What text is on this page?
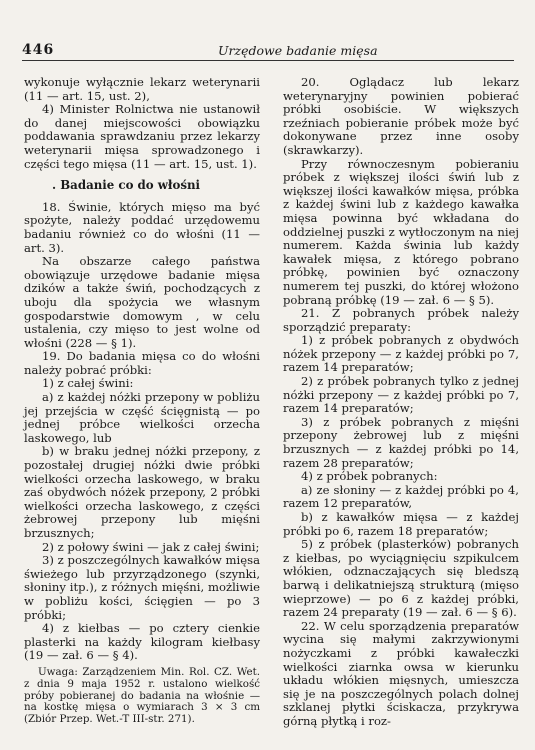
446	Urzędowe badanie mięsa

wykonuje wyłącznie lekarz weterynarii (11 — art. 15, ust. 2),

4) Minister Rolnictwa nie ustanowił do danej miejscowości obowiązku poddawania sprawdzaniu przez lekarzy weterynarii mięsa sprowadzonego i części tego mięsa (11 — art. 15, ust. 1).

. Badanie co do włośni

18. Świnie, których mięso ma być spożyte, należy poddać urzędowemu badaniu również co do włośni (11 — art. 3).

Na obszarze całego państwa obowiązuje urzędowe badanie mięsa dzików a także świń, pochodzących z uboju dla spożycia we własnym gospodarstwie domowym , w celu ustalenia, czy mięso to jest wolne od włośni (228 — § 1).

19. Do badania mięsa co do włośni należy pobrać próbki:

1) z całej świni:

a) z każdej nóżki przepony w pobliżu jej przejścia w część ścięgnistą — po jednej próbce wielkości orzecha laskowego, lub

b) w braku jednej nóżki przepony, z pozostałej drugiej nóżki dwie próbki wielkości orzecha laskowego, w braku zaś obydwóch nóżek przepony, 2 próbki wielkości orzecha laskowego, z części żebrowej przepony lub mięśni brzusznych;

2) z połowy świni — jak z całej świni;

3) z poszczególnych kawałków mięsa świeżego lub przyrządzonego (szynki, słoniny itp.), z różnych mięśni, możliwie w pobliżu kości, ścięgien — po 3 próbki;

4) z kiełbas — po cztery cienkie plasterki na każdy kilogram kiełbasy (19 — zał. 6 — § 4).

Uwaga: Zarządzeniem Min. Rol. CZ. Wet. z dnia 9 maja 1952 r. ustalono wielkość próby pobieranej do badania na włośnie — na kostkę mięsa o wymiarach 3 × 3 cm (Zbiór Przep. Wet.-T III-str. 271).

20. Oglądacz lub lekarz weterynaryjny powinien pobierać próbki osobiście. W większych rzeźniach pobieranie próbek może być dokonywane przez inne osoby (skrawkarzy).

Przy równoczesnym pobieraniu próbek z większej ilości świń lub z większej ilości kawałków mięsa, próbka z każdej świni lub z każdego kawałka mięsa powinna być wkładana do oddzielnej puszki z wytłoczonym na niej numerem. Każda świnia lub każdy kawałek mięsa, z którego pobrano próbkę, powinien być oznaczony numerem tej puszki, do której włożono pobraną próbkę (19 — zał. 6 — § 5).

21. Z pobranych próbek należy sporządzić preparaty:

1) z próbek pobranych z obydwóch nóżek przepony — z każdej próbki po 7, razem 14 preparatów;

2) z próbek pobranych tylko z jednej nóżki przepony — z każdej próbki po 7, razem 14 preparatów;

3) z próbek pobranych z mięśni przepony żebrowej lub z mięśni brzusznych — z każdej próbki po 14, razem 28 preparatów;

4) z próbek pobranych:

a) ze słoniny — z każdej próbki po 4, razem 12 preparatów,

b) z kawałków mięsa — z każdej próbki po 6, razem 18 preparatów;

5) z próbek (plasterków) pobranych z kiełbas, po wyciągnięciu szpikulcem włókien, odznaczających się bledszą barwą i delikatniejszą strukturą (mięso wieprzowe) — po 6 z każdej próbki, razem 24 preparaty (19 — zał. 6 — § 6).

22. W celu sporządzenia preparatów wycina się małymi zakrzywionymi nożyczkami z próbki kawałeczki wielkości ziarnka owsa w kierunku układu włókien mięsnych, umieszcza się je na poszczególnych polach dolnej szklanej płytki ściskacza, przykrywa górną płytką i roz-
